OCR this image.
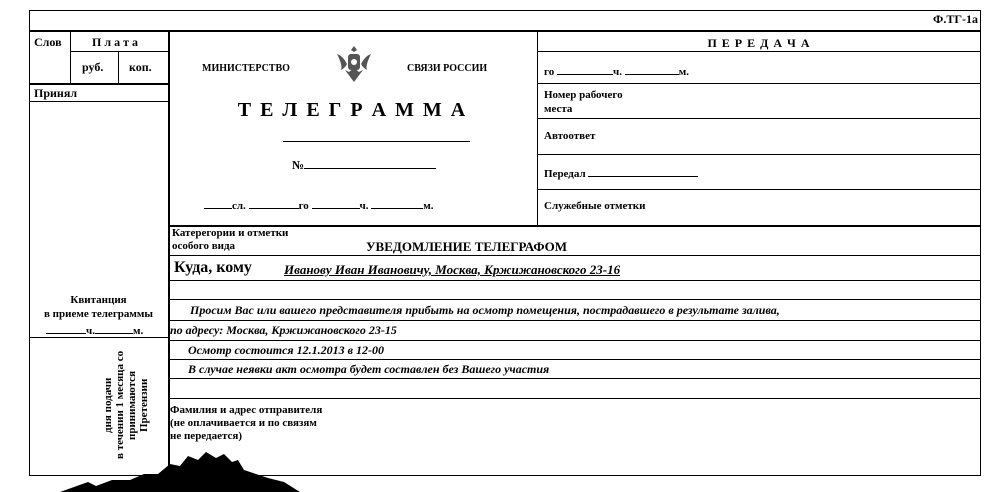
Ф.ТГ-1а
Слов	П л а т а
руб. коп.
Принял
Квитанция
в приеме телеграммы
ч.	м.
дня подачи в течении 1 месяца со принимаются Претензии
МИНИСТЕРСТВО	СВЯЗИ РОССИИ
Т Е Л Е Г Р А М М А
№
сл.	го	ч.	м.
П Е Р Е Д А Ч А
го	ч.	м.
Номер рабочего
места
Автоответ
Передал
Служебные отметки
Катерегории и отметки
особого вида	УВЕДОМЛЕНИЕ ТЕЛЕГРАФОМ
Куда, кому Иванову Иван Ивановичу, Москва, Кржижановского 23-16
Просим Вас или вашего представителя прибыть на осмотр помещения, пострадавшего в результате залива,
по адресу: Москва, Кржижановского 23-15
Осмотр состоится 12.1.2013 в 12-00
В случае неявки акт осмотра будет составлен без Вашего участия
Фамилия и адрес отправителя
(не оплачивается и по связям
не передается)
